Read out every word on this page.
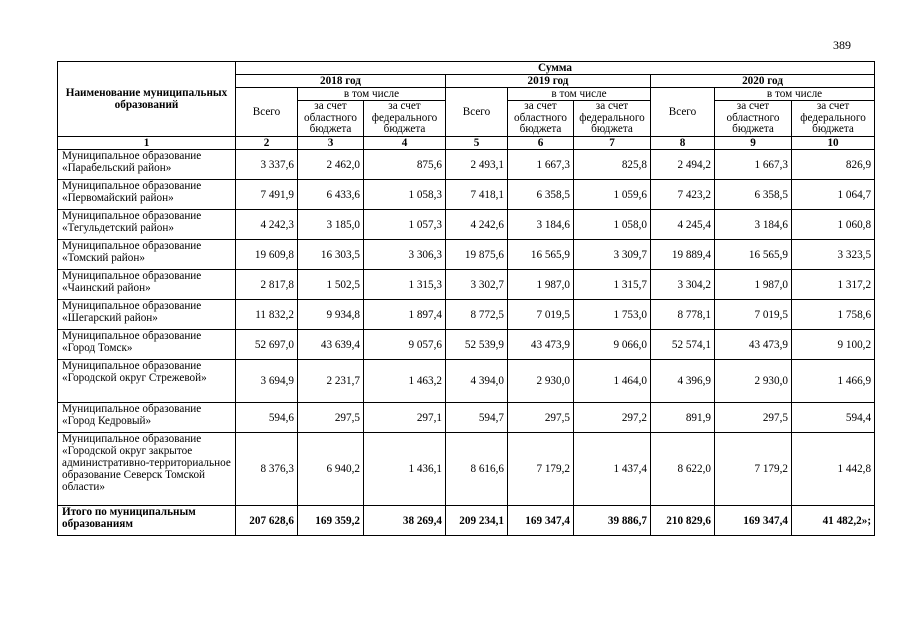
389
Наименование муниципальных образований	Сумма								
	2018 год			2019 год			2020 год		
	Всего	в том числе		Всего	в том числе		Всего	в том числе	
		за счет областного бюджета	за счет федерального бюджета		за счет областного бюджета	за счет федерального бюджета		за счет областного бюджета	за счет федерального бюджета
1	2	3	4	5	6	7	8	9	10
Муниципальное образование «Парабельский район»	3 337,6	2 462,0	875,6	2 493,1	1 667,3	825,8	2 494,2	1 667,3	826,9
Муниципальное образование «Первомайский район»	7 491,9	6 433,6	1 058,3	7 418,1	6 358,5	1 059,6	7 423,2	6 358,5	1 064,7
Муниципальное образование «Тегульдетский район»	4 242,3	3 185,0	1 057,3	4 242,6	3 184,6	1 058,0	4 245,4	3 184,6	1 060,8
Муниципальное образование «Томский район»	19 609,8	16 303,5	3 306,3	19 875,6	16 565,9	3 309,7	19 889,4	16 565,9	3 323,5
Муниципальное образование «Чаинский район»	2 817,8	1 502,5	1 315,3	3 302,7	1 987,0	1 315,7	3 304,2	1 987,0	1 317,2
Муниципальное образование «Шегарский район»	11 832,2	9 934,8	1 897,4	8 772,5	7 019,5	1 753,0	8 778,1	7 019,5	1 758,6
Муниципальное образование «Город Томск»	52 697,0	43 639,4	9 057,6	52 539,9	43 473,9	9 066,0	52 574,1	43 473,9	9 100,2
Муниципальное образование «Городской округ Стрежевой»	3 694,9	2 231,7	1 463,2	4 394,0	2 930,0	1 464,0	4 396,9	2 930,0	1 466,9
Муниципальное образование «Город Кедровый»	594,6	297,5	297,1	594,7	297,5	297,2	891,9	297,5	594,4
Муниципальное образование «Городской округ закрытое административно-территориальное образование Северск Томской области»	8 376,3	6 940,2	1 436,1	8 616,6	7 179,2	1 437,4	8 622,0	7 179,2	1 442,8
Итого по муниципальным образованиям	207 628,6	169 359,2	38 269,4	209 234,1	169 347,4	39 886,7	210 829,6	169 347,4	41 482,2»;
